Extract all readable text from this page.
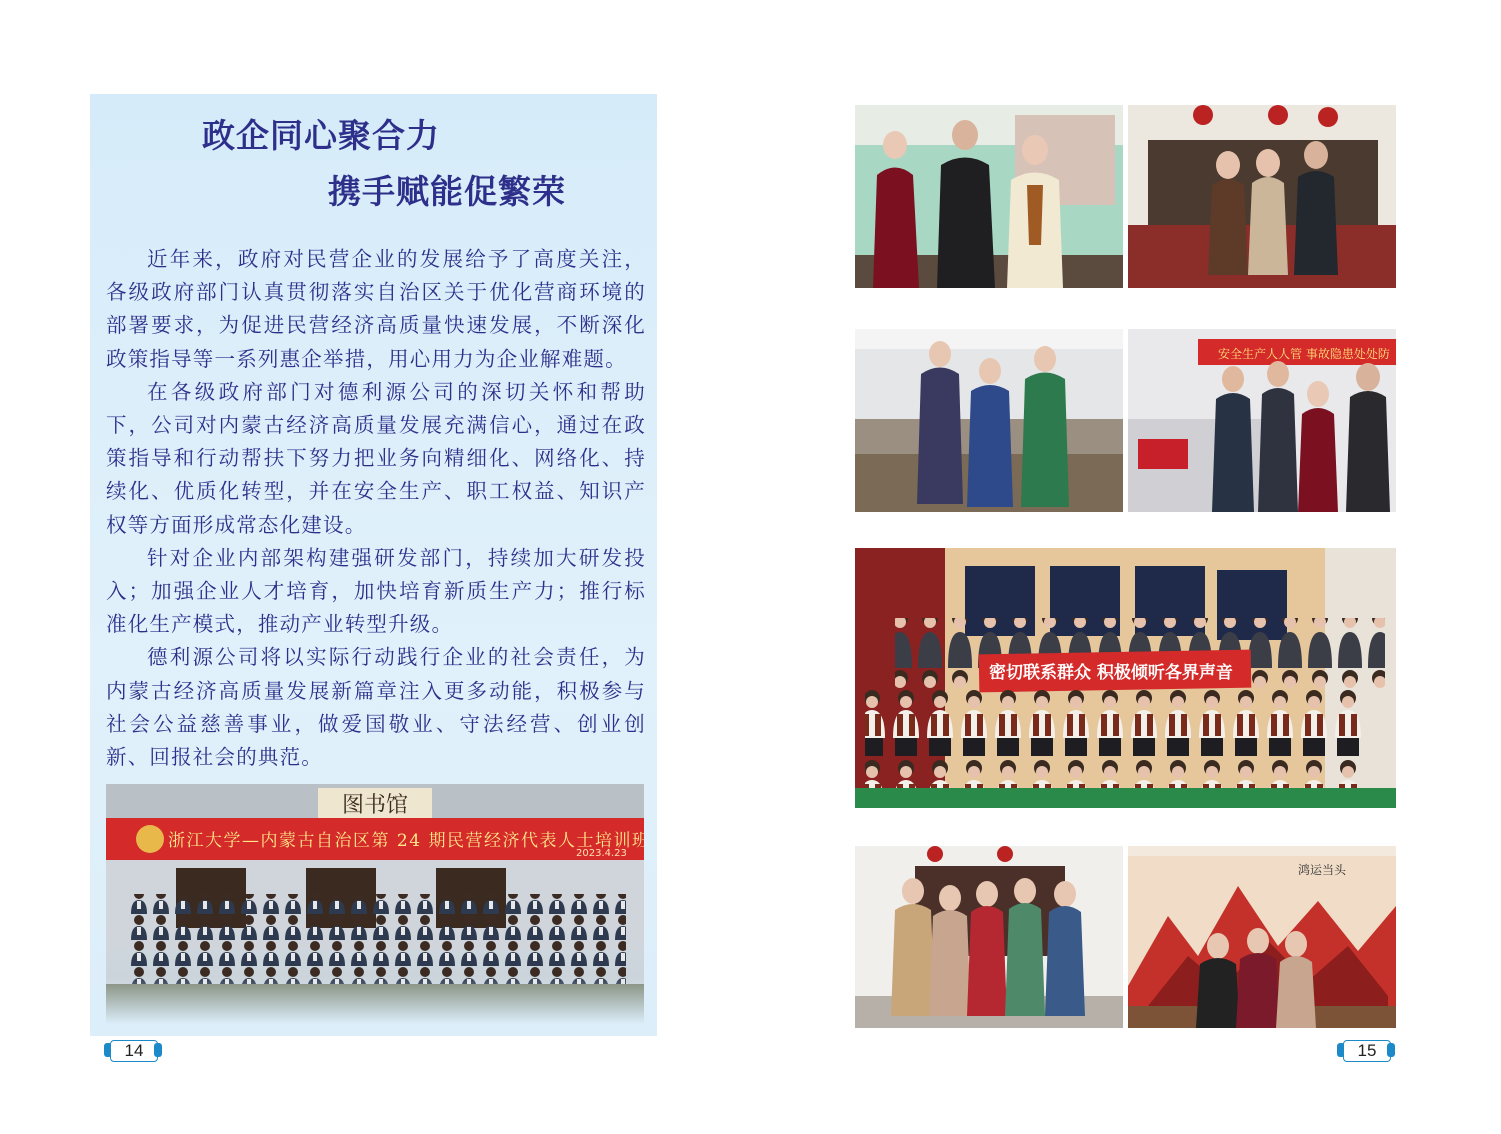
政企同心聚合力
携手赋能促繁荣

近年来，政府对民营企业的发展给予了高度关注，各级政府部门认真贯彻落实自治区关于优化营商环境的部署要求，为促进民营经济高质量快速发展，不断深化政策指导等一系列惠企举措，用心用力为企业解难题。

在各级政府部门对德利源公司的深切关怀和帮助下，公司对内蒙古经济高质量发展充满信心，通过在政策指导和行动帮扶下努力把业务向精细化、网络化、持续化、优质化转型，并在安全生产、职工权益、知识产权等方面形成常态化建设。

针对企业内部架构建强研发部门，持续加大研发投入；加强企业人才培育，加快培育新质生产力；推行标准化生产模式，推动产业转型升级。

德利源公司将以实际行动践行企业的社会责任，为内蒙古经济高质量发展新篇章注入更多动能，积极参与社会公益慈善事业，做爱国敬业、守法经营、创业创新、回报社会的典范。

安全生产人人管 事故隐患处处防
密切联系群众 积极倾听各界声音
鸿运当头
14	15
